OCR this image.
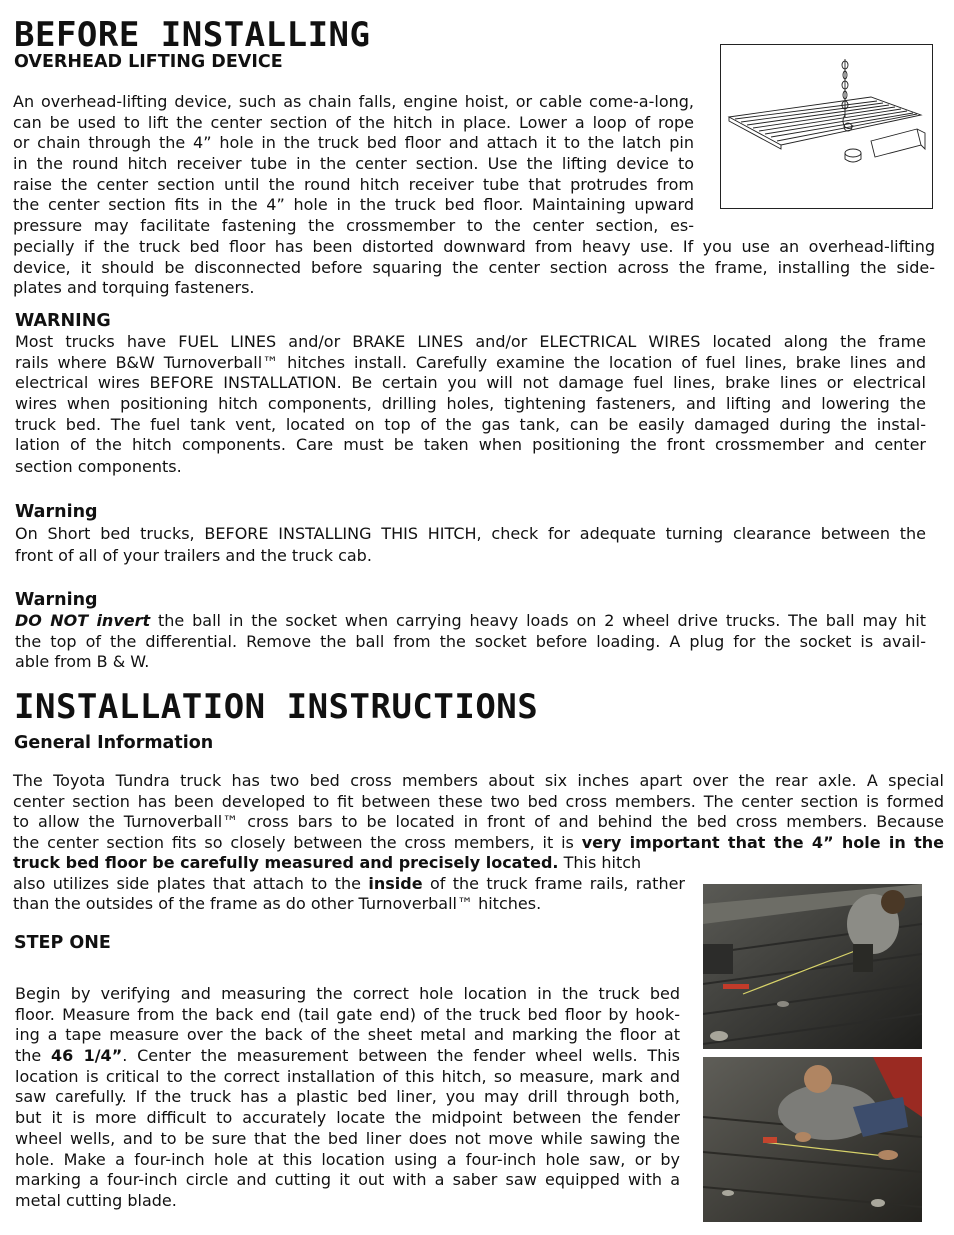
BEFORE INSTALLING
OVERHEAD LIFTING DEVICE
An overhead-lifting device, such as chain falls, engine hoist, or cable come-a-long,
can be used to lift the center section of the hitch in place. Lower a loop of rope
or chain through the 4” hole in the truck bed floor and attach it to the latch pin
in the round hitch receiver tube in the center section. Use the lifting device to
raise the center section until the round hitch receiver tube that protrudes from
the center section fits in the 4” hole in the truck bed floor. Maintaining upward
pressure may facilitate fastening the crossmember to the center section, es-
pecially if the truck bed floor has been distorted downward from heavy use. If you use an overhead-lifting
device, it should be disconnected before squaring the center section across the frame, installing the side-
plates and torquing fasteners.
WARNING
Most trucks have FUEL LINES and/or BRAKE LINES and/or ELECTRICAL WIRES located along the frame
rails where B&W Turnoverball™ hitches install. Carefully examine the location of fuel lines, brake lines and
electrical wires BEFORE INSTALLATION. Be certain you will not damage fuel lines, brake lines or electrical
wires when positioning hitch components, drilling holes, tightening fasteners, and lifting and lowering the
truck bed. The fuel tank vent, located on top of the gas tank, can be easily damaged during the instal-
lation of the hitch components. Care must be taken when positioning the front crossmember and center
section components.
Warning
On Short bed trucks, BEFORE INSTALLING THIS HITCH, check for adequate turning clearance between the
front of all of your trailers and the truck cab.
Warning
DO NOT invert the ball in the socket when carrying heavy loads on 2 wheel drive trucks. The ball may hit
the top of the differential. Remove the ball from the socket before loading. A plug for the socket is avail-
able from B & W.
INSTALLATION INSTRUCTIONS
General Information
The Toyota Tundra truck has two bed cross members about six inches apart over the rear axle. A special
center section has been developed to fit between these two bed cross members. The center section is formed
to allow the Turnoverball™ cross bars to be located in front of and behind the bed cross members. Because
the center section fits so closely between the cross members, it is very important that the 4” hole in the
truck bed floor be carefully measured and precisely located. This hitch
also utilizes side plates that attach to the inside of the truck frame rails, rather
than the outsides of the frame as do other Turnoverball™ hitches.
STEP ONE
Begin by verifying and measuring the correct hole location in the truck bed
floor. Measure from the back end (tail gate end) of the truck bed floor by hook-
ing a tape measure over the back of the sheet metal and marking the floor at
the 46 1/4”. Center the measurement between the fender wheel wells. This
location is critical to the correct installation of this hitch, so measure, mark and
saw carefully. If the truck has a plastic bed liner, you may drill through both,
but it is more difficult to accurately locate the midpoint between the fender
wheel wells, and to be sure that the bed liner does not move while sawing the
hole. Make a four-inch hole at this location using a four-inch hole saw, or by
marking a four-inch circle and cutting it out with a saber saw equipped with a
metal cutting blade.
